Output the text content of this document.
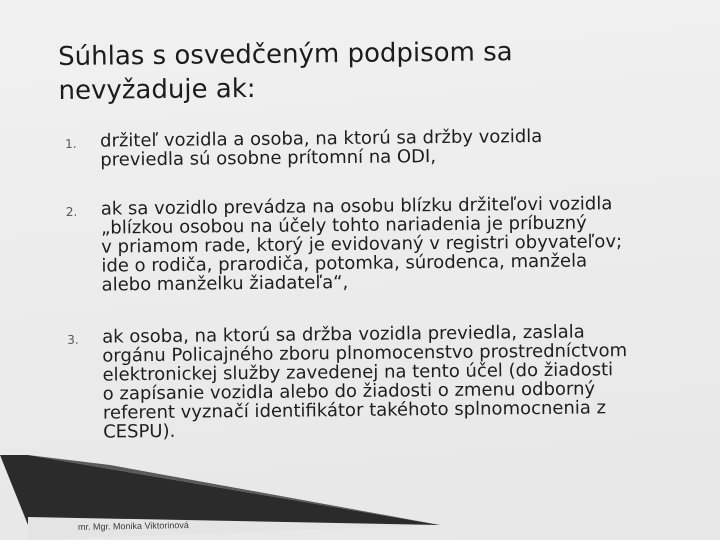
Súhlas s osvedčeným podpisom sa
nevyžaduje ak:
1. držiteľ vozidla a osoba, na ktorú sa držby vozidla
previedla sú osobne prítomní na ODI,
2. ak sa vozidlo prevádza na osobu blízku držiteľovi vozidla
„blízkou osobou na účely tohto nariadenia je príbuzný
v priamom rade, ktorý je evidovaný v registri obyvateľov;
ide o rodiča, prarodiča, potomka, súrodenca, manžela
alebo manželku žiadateľa“,
3. ak osoba, na ktorú sa držba vozidla previedla, zaslala
orgánu Policajného zboru plnomocenstvo prostredníctvom
elektronickej služby zavedenej na tento účel (do žiadosti
o zapísanie vozidla alebo do žiadosti o zmenu odborný
referent vyznačí identifikátor takéhoto splnomocnenia z
CESPU).
mr. Mgr. Monika Viktorinová
